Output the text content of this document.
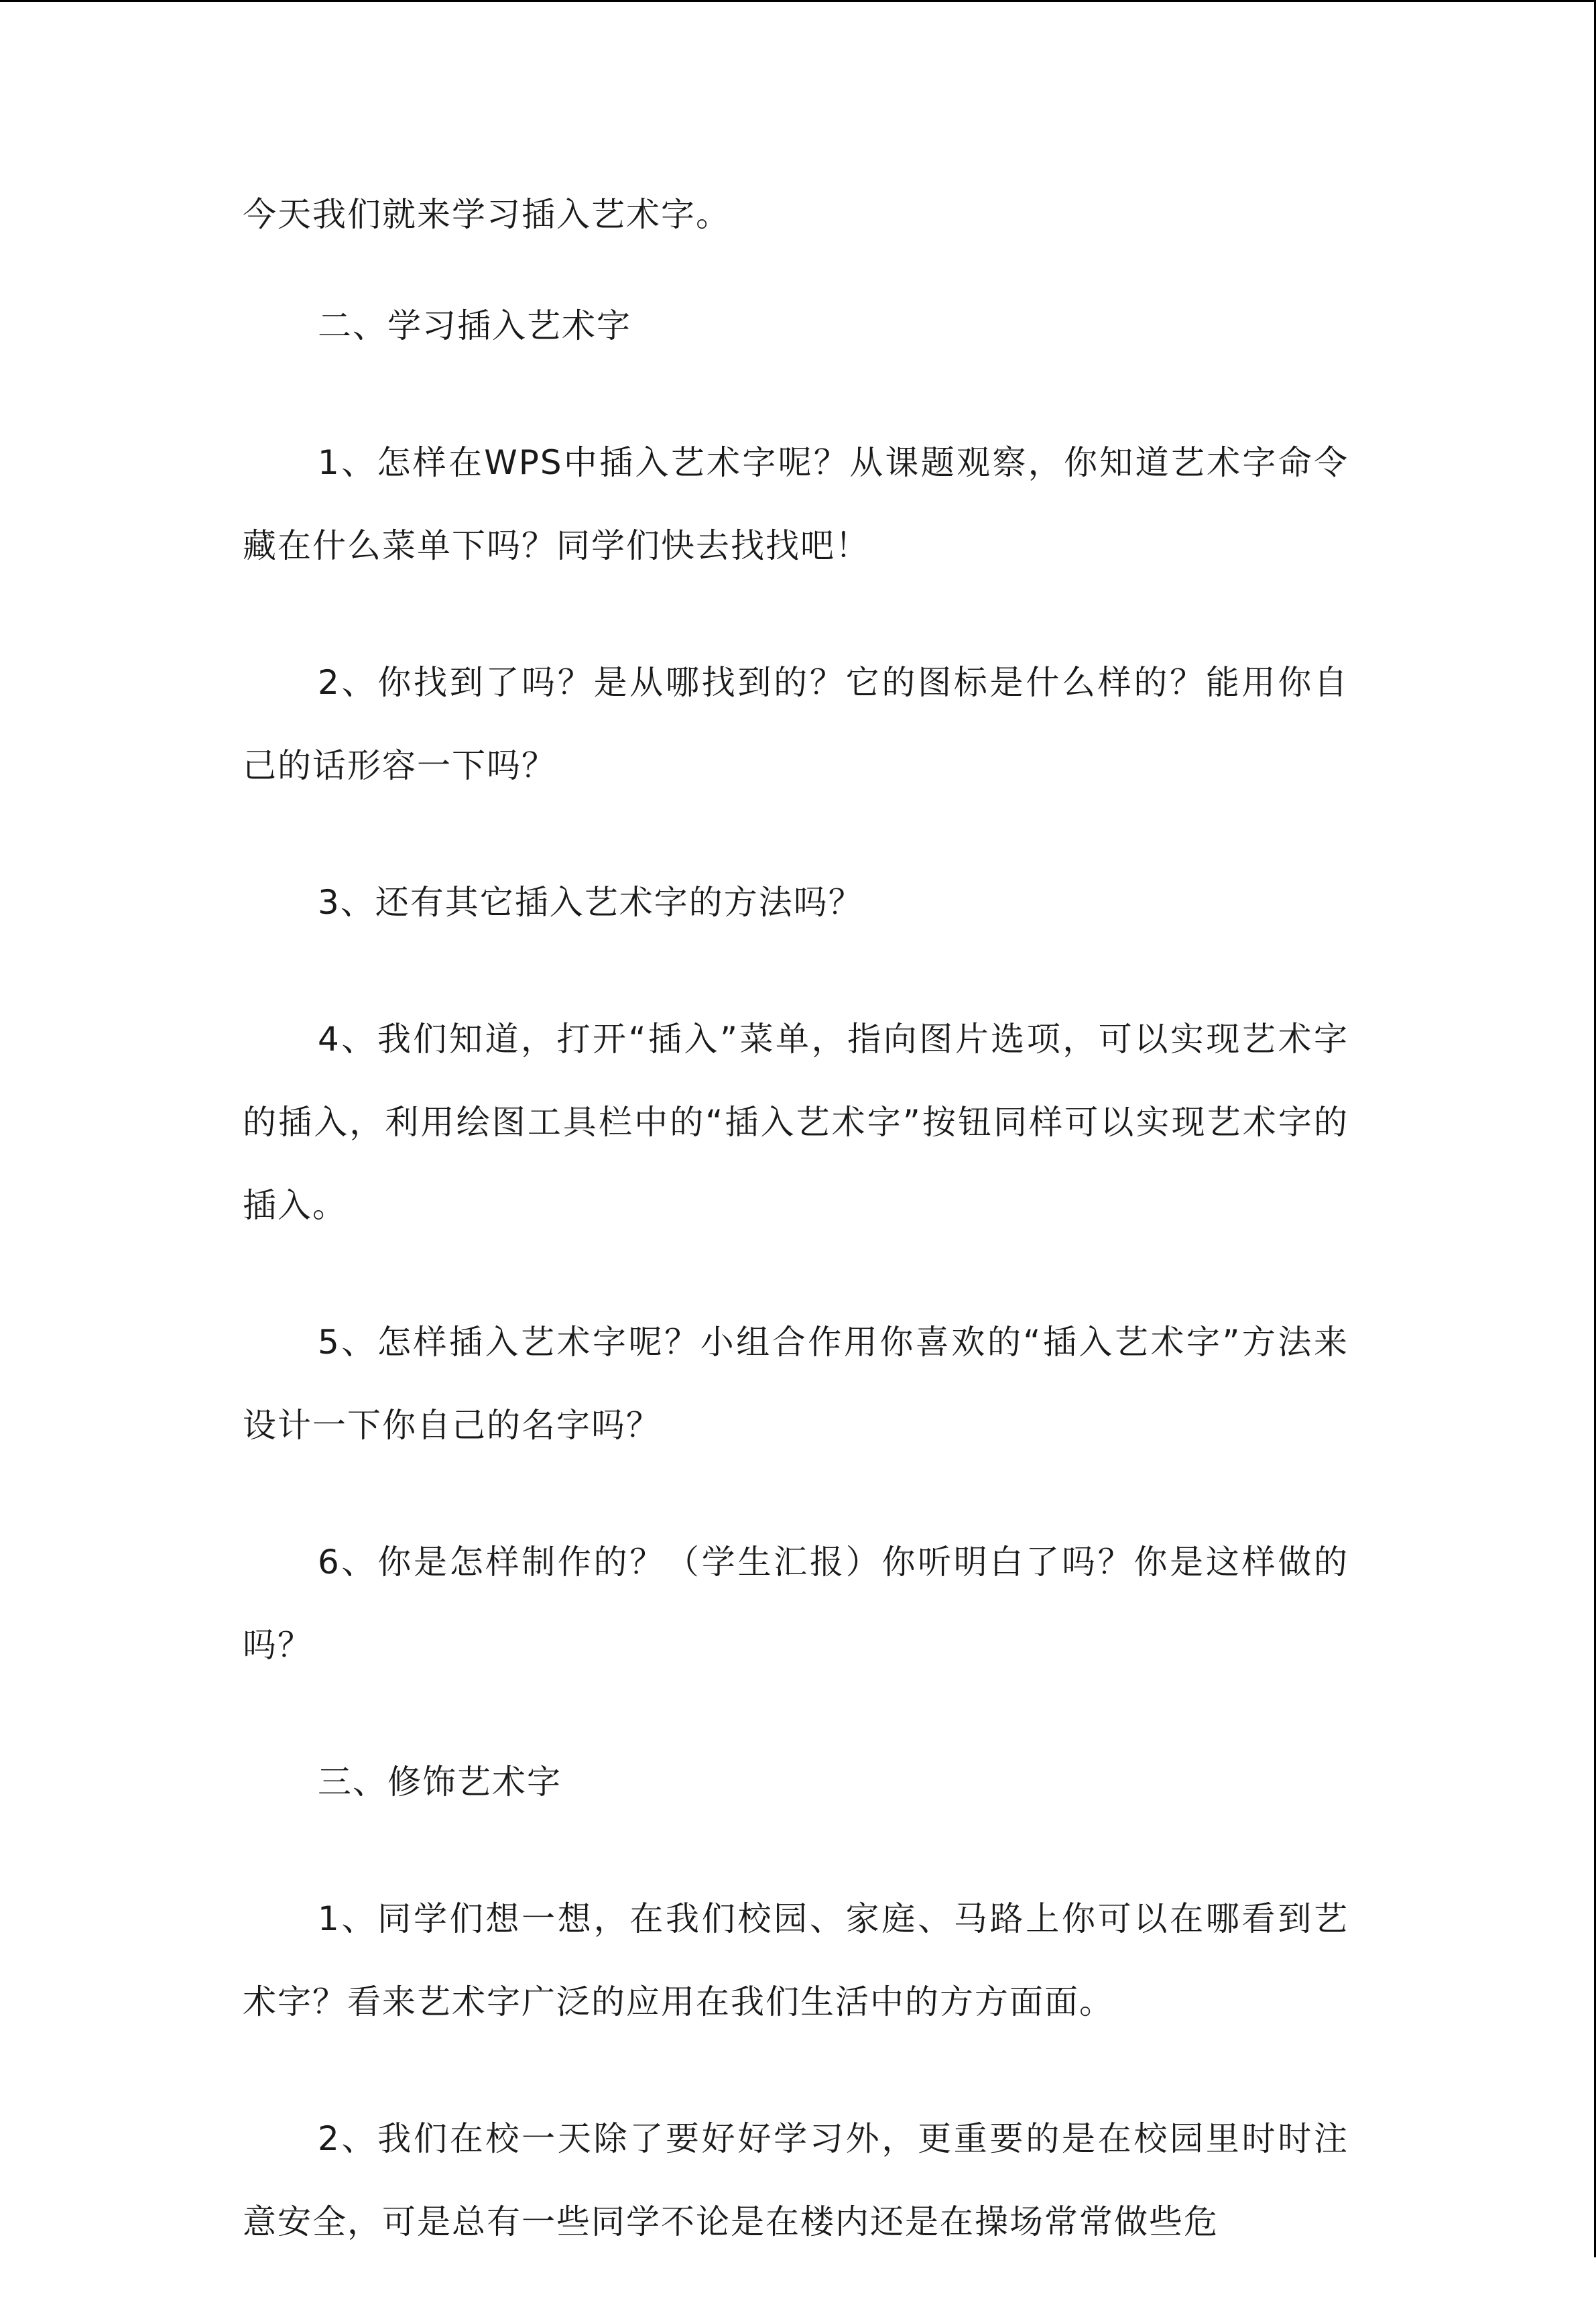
今天我们就来学习插入艺术字。

二、学习插入艺术字

1、怎样在WPS中插入艺术字呢？从课题观察，你知道艺术字命令藏在什么菜单下吗？同学们快去找找吧！

2、你找到了吗？是从哪找到的？它的图标是什么样的？能用你自己的话形容一下吗？

3、还有其它插入艺术字的方法吗？

4、我们知道，打开“插入”菜单，指向图片选项，可以实现艺术字的插入，利用绘图工具栏中的“插入艺术字”按钮同样可以实现艺术字的插入。

5、怎样插入艺术字呢？小组合作用你喜欢的“插入艺术字”方法来设计一下你自己的名字吗？

6、你是怎样制作的？（学生汇报）你听明白了吗？你是这样做的吗？

三、修饰艺术字

1、同学们想一想，在我们校园、家庭、马路上你可以在哪看到艺术字？看来艺术字广泛的应用在我们生活中的方方面面。

2、我们在校一天除了要好好学习外，更重要的是在校园里时时注意安全，可是总有一些同学不论是在楼内还是在操场常常做些危
